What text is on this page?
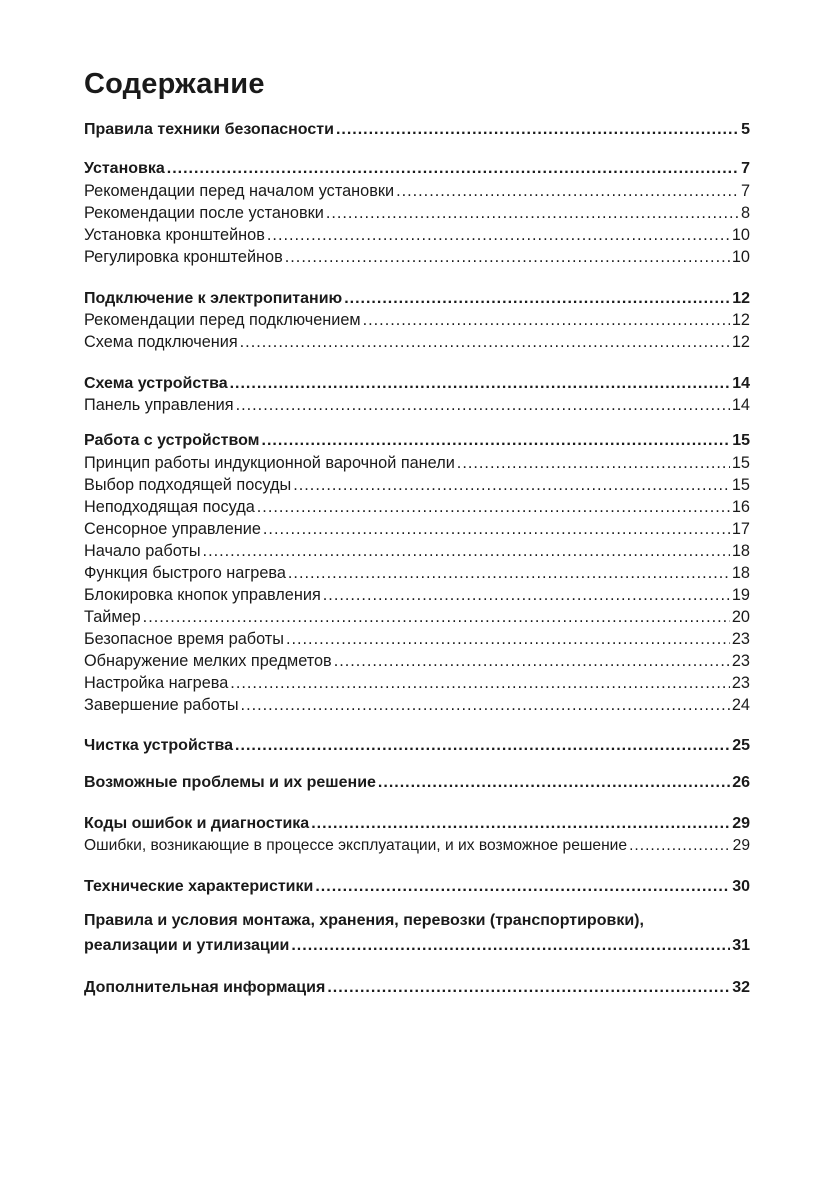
Содержание
Правила техники безопасности .....	5
Установка .....	7
Рекомендации перед началом установки .....	7
Рекомендации после установки .....	8
Установка кронштейнов .....	10
Регулировка кронштейнов .....	10
Подключение к электропитанию .....	12
Рекомендации перед подключением .....	12
Схема подключения .....	12
Схема устройства .....	14
Панель управления .....	14
Работа с устройством .....	15
Принцип работы индукционной варочной панели .....	15
Выбор подходящей посуды .....	15
Неподходящая посуда .....	16
Сенсорное управление .....	17
Начало работы .....	18
Функция быстрого нагрева .....	18
Блокировка кнопок управления .....	19
Таймер .....	20
Безопасное время работы .....	23
Обнаружение мелких предметов .....	23
Настройка нагрева .....	23
Завершение работы .....	24
Чистка устройства .....	25
Возможные проблемы и их решение .....	26
Коды ошибок и диагностика .....	29
Ошибки, возникающие в процессе эксплуатации, и их возможное решение .....	29
Технические характеристики .....	30
Правила и условия монтажа, хранения, перевозки (транспортировки),
реализации и утилизации .....	31
Дополнительная информация .....	32
